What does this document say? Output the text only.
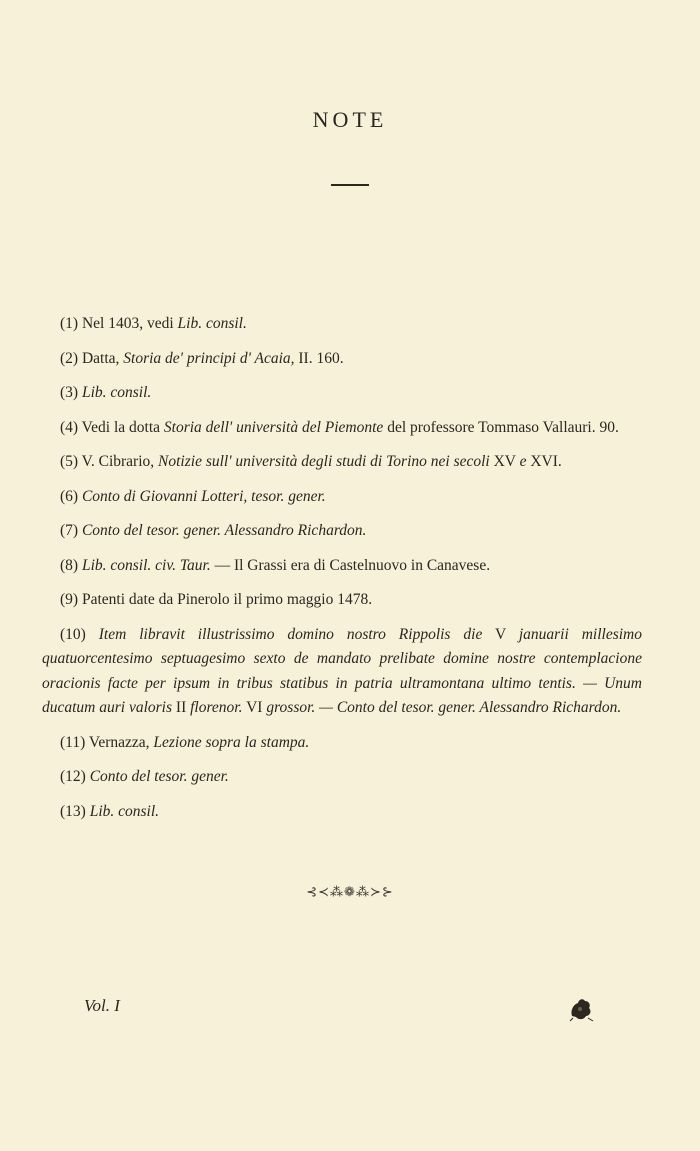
NOTE

(1) Nel 1403, vedi Lib. consil.

(2) Datta, Storia de' principi d' Acaia, II. 160.

(3) Lib. consil.

(4) Vedi la dotta Storia dell' università del Piemonte del professore Tommaso Vallauri. 90.

(5) V. Cibrario, Notizie sull' università degli studi di Torino nei secoli XV e XVI.

(6) Conto di Giovanni Lotteri, tesor. gener.

(7) Conto del tesor. gener. Alessandro Richardon.

(8) Lib. consil. civ. Taur. — Il Grassi era di Castelnuovo in Canavese.

(9) Patenti date da Pinerolo il primo maggio 1478.

(10) Item libravit illustrissimo domino nostro Rippolis die V januarii millesimo quatuorcentesimo septuagesimo sexto de mandato prelibate domine nostre contemplacione oracionis facte per ipsum in tribus statibus in patria ultramontana ultimo tentis. — Unum ducatum auri valoris II florenor. VI grossor. — Conto del tesor. gener. Alessandro Richardon.

(11) Vernazza, Lezione sopra la stampa.

(12) Conto del tesor. gener.

(13) Lib. consil.

⊰≺⁂❁⁂≻⊱
Vol. I
